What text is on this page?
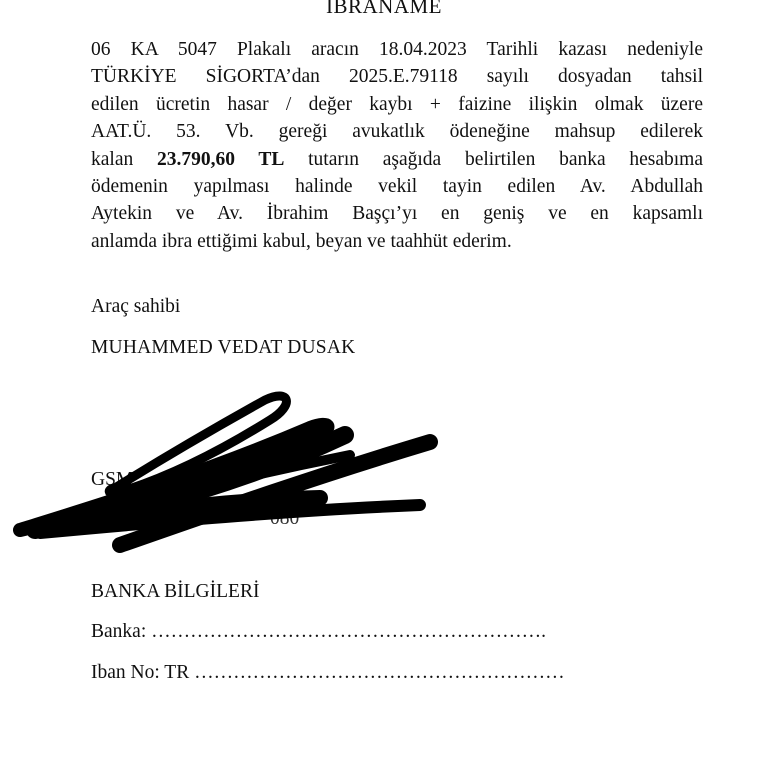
IBRANAME
06 KA 5047 Plakalı aracın 18.04.2023 Tarihli kazası nedeniyle
TÜRKİYE SİGORTA’dan 2025.E.79118 sayılı dosyadan tahsil
edilen ücretin hasar / değer kaybı + faizine ilişkin olmak üzere
AAT.Ü. 53. Vb. gereği avukatlık ödeneğine mahsup edilerek
kalan 23.790,60 TL tutarın aşağıda belirtilen banka hesabıma
ödemenin yapılması halinde vekil tayin edilen Av. Abdullah
Aytekin ve Av. İbrahim Başçı’yı en geniş ve en kapsamlı
anlamda ibra ettiğimi kabul, beyan ve taahhüt ederim.
Araç sahibi
MUHAMMED VEDAT DUSAK
GSM
080
BANKA BİLGİLERİ
Banka: …………………………………………………….
Iban No: TR …………………………………………………
